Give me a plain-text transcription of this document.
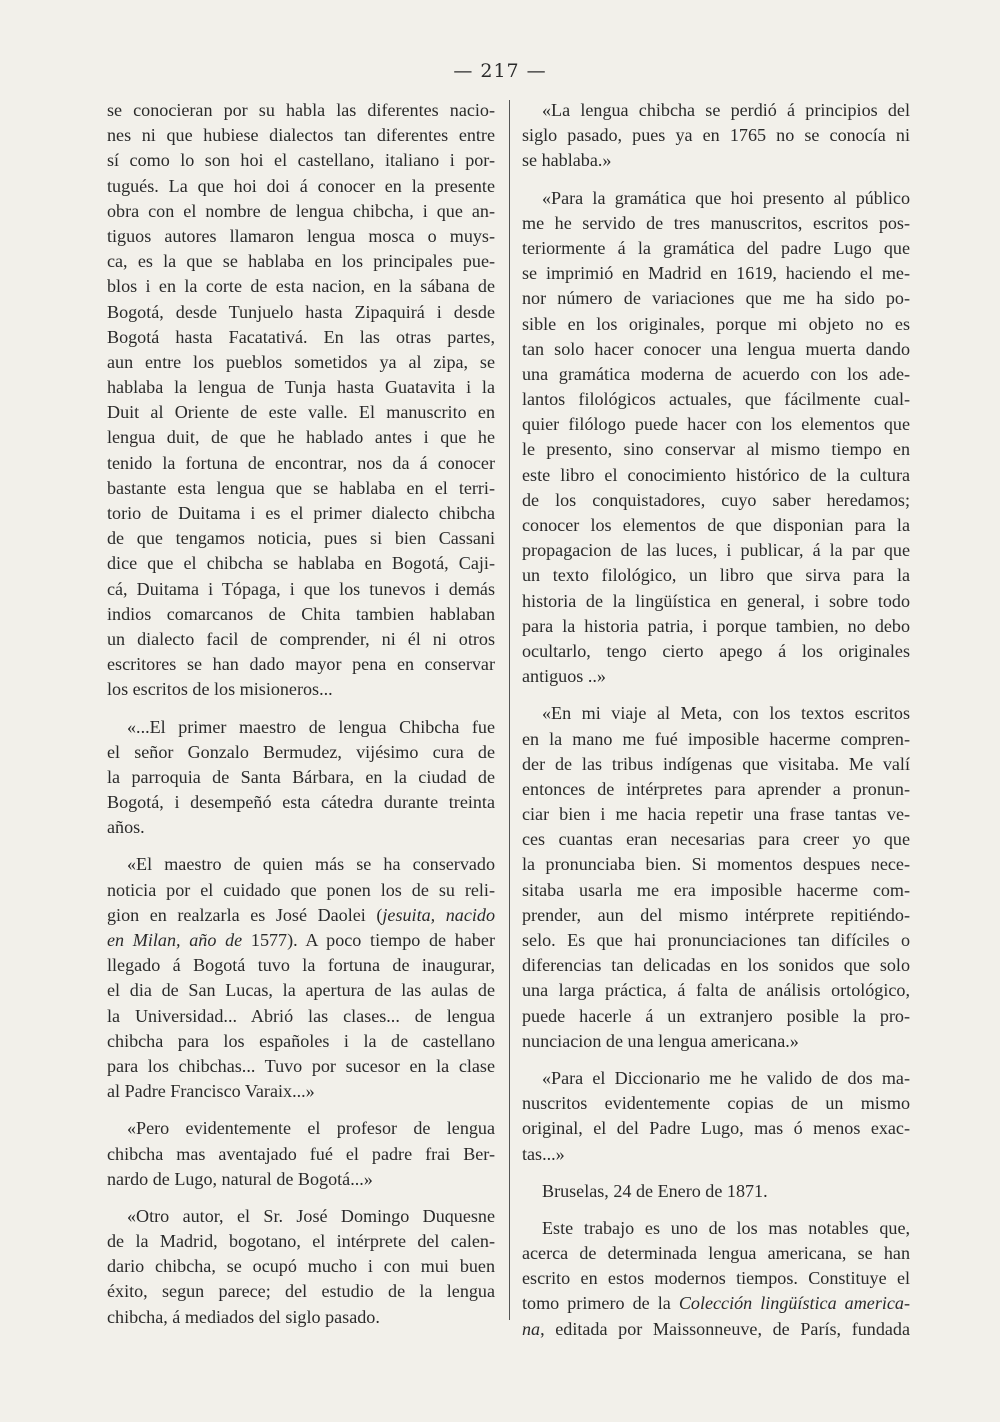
— 217 —
se conocieran por su habla las diferentes nacio-
nes ni que hubiese dialectos tan diferentes entre
sí como lo son hoi el castellano, italiano i por-
tugués. La que hoi doi á conocer en la presente
obra con el nombre de lengua chibcha, i que an-
tiguos autores llamaron lengua mosca o muys-
ca, es la que se hablaba en los principales pue-
blos i en la corte de esta nacion, en la sábana de
Bogotá, desde Tunjuelo hasta Zipaquirá i desde
Bogotá hasta Facatativá. En las otras partes,
aun entre los pueblos sometidos ya al zipa, se
hablaba la lengua de Tunja hasta Guatavita i la
Duit al Oriente de este valle. El manuscrito en
lengua duit, de que he hablado antes i que he
tenido la fortuna de encontrar, nos da á conocer
bastante esta lengua que se hablaba en el terri-
torio de Duitama i es el primer dialecto chibcha
de que tengamos noticia, pues si bien Cassani
dice que el chibcha se hablaba en Bogotá, Caji-
cá, Duitama i Tópaga, i que los tunevos i demás
indios comarcanos de Chita tambien hablaban
un dialecto facil de comprender, ni él ni otros
escritores se han dado mayor pena en conservar
los escritos de los misioneros...
«...El primer maestro de lengua Chibcha fue
el señor Gonzalo Bermudez, vijésimo cura de
la parroquia de Santa Bárbara, en la ciudad de
Bogotá, i desempeñó esta cátedra durante treinta
años.
«El maestro de quien más se ha conservado
noticia por el cuidado que ponen los de su reli-
gion en realzarla es José Daolei (jesuita, nacido
en Milan, año de 1577). A poco tiempo de haber
llegado á Bogotá tuvo la fortuna de inaugurar,
el dia de San Lucas, la apertura de las aulas de
la Universidad... Abrió las clases... de lengua
chibcha para los españoles i la de castellano
para los chibchas... Tuvo por sucesor en la clase
al Padre Francisco Varaix...»
«Pero evidentemente el profesor de lengua
chibcha mas aventajado fué el padre frai Ber-
nardo de Lugo, natural de Bogotá...»
«Otro autor, el Sr. José Domingo Duquesne
de la Madrid, bogotano, el intérprete del calen-
dario chibcha, se ocupó mucho i con mui buen
éxito, segun parece; del estudio de la lengua
chibcha, á mediados del siglo pasado.
«La lengua chibcha se perdió á principios del
siglo pasado, pues ya en 1765 no se conocía ni
se hablaba.»
«Para la gramática que hoi presento al público
me he servido de tres manuscritos, escritos pos-
teriormente á la gramática del padre Lugo que
se imprimió en Madrid en 1619, haciendo el me-
nor número de variaciones que me ha sido po-
sible en los originales, porque mi objeto no es
tan solo hacer conocer una lengua muerta dando
una gramática moderna de acuerdo con los ade-
lantos filológicos actuales, que fácilmente cual-
quier filólogo puede hacer con los elementos que
le presento, sino conservar al mismo tiempo en
este libro el conocimiento histórico de la cultura
de los conquistadores, cuyo saber heredamos;
conocer los elementos de que disponian para la
propagacion de las luces, i publicar, á la par que
un texto filológico, un libro que sirva para la
historia de la lingüística en general, i sobre todo
para la historia patria, i porque tambien, no debo
ocultarlo, tengo cierto apego á los originales
antiguos ..»
«En mi viaje al Meta, con los textos escritos
en la mano me fué imposible hacerme compren-
der de las tribus indígenas que visitaba. Me valí
entonces de intérpretes para aprender a pronun-
ciar bien i me hacia repetir una frase tantas ve-
ces cuantas eran necesarias para creer yo que
la pronunciaba bien. Si momentos despues nece-
sitaba usarla me era imposible hacerme com-
prender, aun del mismo intérprete repitiéndo-
selo. Es que hai pronunciaciones tan difíciles o
diferencias tan delicadas en los sonidos que solo
una larga práctica, á falta de análisis ortológico,
puede hacerle á un extranjero posible la pro-
nunciacion de una lengua americana.»
«Para el Diccionario me he valido de dos ma-
nuscritos evidentemente copias de un mismo
original, el del Padre Lugo, mas ó menos exac-
tas...»
Bruselas, 24 de Enero de 1871.
Este trabajo es uno de los mas notables que,
acerca de determinada lengua americana, se han
escrito en estos modernos tiempos. Constituye el
tomo primero de la Colección lingüística america-
na, editada por Maissonneuve, de París, fundada
